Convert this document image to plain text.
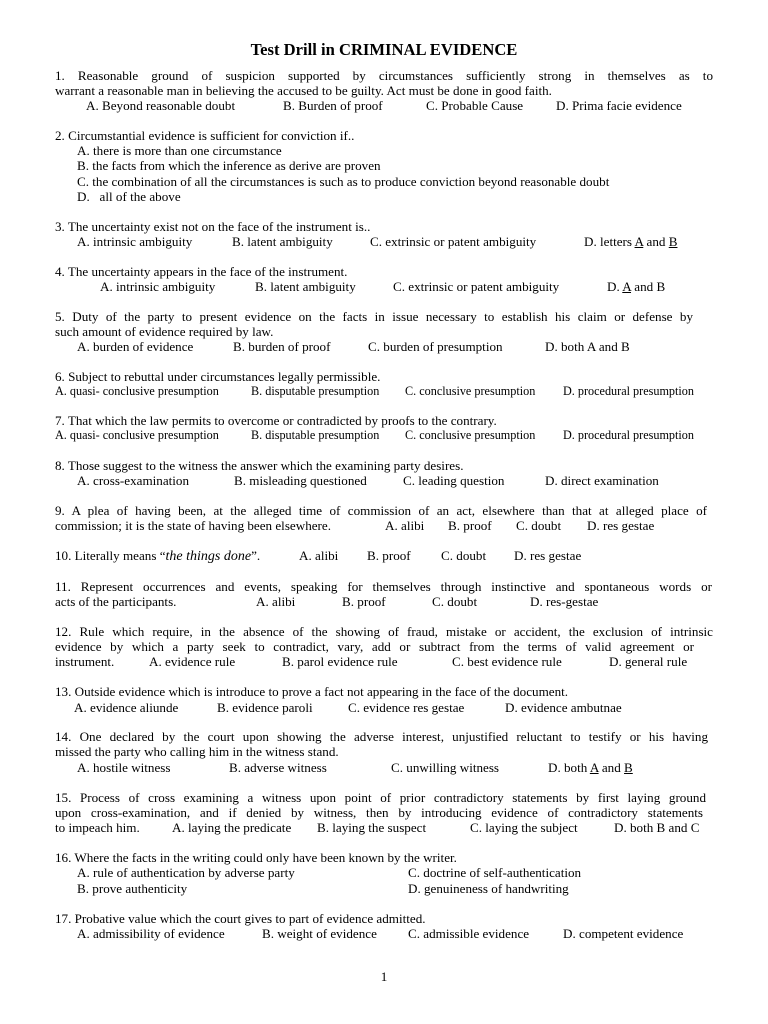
Test Drill in CRIMINAL EVIDENCE
1. Reasonable ground of suspicion supported by circumstances sufficiently strong in themselves as to
warrant a reasonable man in believing the accused to be guilty. Act must be done in good faith.
A. Beyond reasonable doubt	B. Burden of proof	C. Probable Cause	D. Prima facie evidence
2. Circumstantial evidence is sufficient for conviction if..
A. there is more than one circumstance
B. the facts from which the inference as derive are proven
C. the combination of all the circumstances is such as to produce conviction beyond reasonable doubt
D.   all of the above
3. The uncertainty exist not on the face of the instrument is..
A. intrinsic ambiguity	B. latent ambiguity	C. extrinsic or patent ambiguity	D. letters A and B
4. The uncertainty appears in the face of the instrument.
A. intrinsic ambiguity	B. latent ambiguity	C. extrinsic or patent ambiguity	D. A and B
5. Duty of the party to present evidence on the facts in issue necessary to establish his claim or defense by
such amount of evidence required by law.
A. burden of evidence	B. burden of proof	C. burden of presumption	D. both A and B
6. Subject to rebuttal under circumstances legally permissible.
A. quasi- conclusive presumption	B. disputable presumption C. conclusive presumption D. procedural presumption
7. That which the law permits to overcome or contradicted by proofs to the contrary.
A. quasi- conclusive presumption	B. disputable presumption C. conclusive presumption D. procedural presumption
8. Those suggest to the witness the answer which the examining party desires.
A. cross-examination	B. misleading questioned	C. leading question	D. direct examination
9. A plea of having been, at the alleged time of commission of an act, elsewhere than that at alleged place of
commission; it is the state of having been elsewhere.	A. alibi B. proof C. doubt D. res gestae
10. Literally means “the things done”.	A. alibi B. proof C. doubt D. res gestae
11. Represent occurrences and events, speaking for themselves through instinctive and spontaneous words or
acts of the participants.	A. alibi	B. proof	C. doubt	D. res-gestae
12. Rule which require, in the absence of the showing of fraud, mistake or accident, the exclusion of intrinsic
evidence by which a party seek to contradict, vary, add or subtract from the terms of valid agreement or
instrument.	A. evidence rule	B. parol evidence rule	C. best evidence rule	D. general rule
13. Outside evidence which is introduce to prove a fact not appearing in the face of the document.
A. evidence aliunde	B. evidence paroli	C. evidence res gestae	D. evidence ambutnae
14. One declared by the court upon showing the adverse interest, unjustified reluctant to testify or his having
missed the party who calling him in the witness stand.
A. hostile witness	B. adverse witness	C. unwilling witness	D. both A and B
15. Process of cross examining a witness upon point of prior contradictory statements by first laying ground
upon cross-examination, and if denied by witness, then by introducing evidence of contradictory statements
to impeach him. A. laying the predicate B. laying the suspect	C. laying the subject	D. both B and C
16. Where the facts in the writing could only have been known by the writer.
A. rule of authentication by adverse party	C. doctrine of self-authentication
B. prove authenticity	D. genuineness of handwriting
17. Probative value which the court gives to part of evidence admitted.
A. admissibility of evidence	B. weight of evidence C. admissible evidence	D. competent evidence
1
